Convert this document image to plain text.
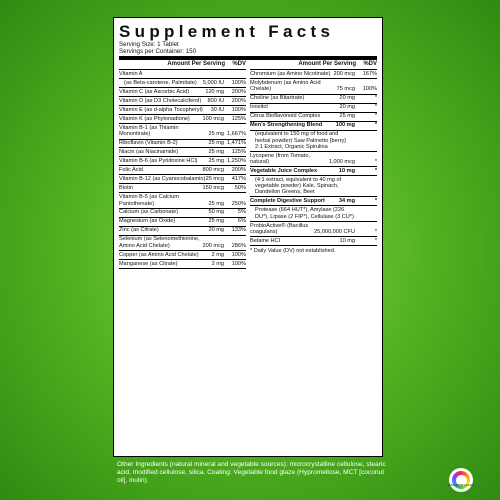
Supplement Facts
Serving Size: 1 Tablet
Servings per Container: 150
Amount Per Serving	%DV
Vitamin A
(as Beta-carotene, Palmitate)	5,000 IU	100%
Vitamin C (as Ascorbic Acid)	120 mg	200%
Vitamin D (as D3 Cholecalciferol)	800 IU	200%
Vitamin E (as d-alpha Tocopheryl)	30 IU	100%
Vitamin K (as Phytonadione)	100 mcg	125%
Vitamin B-1 (as Thiamin Mononitrate)	25 mg 1,667%
Riboflavin (Vitamin B-2)	25 mg 1,471%
Niacin (as Niacinamide)	25 mg	125%
Vitamin B-6 (as Pyridoxine HCl)	25 mg 1,250%
Folic Acid	800 mcg	200%
Vitamin B-12 (as Cyanocobalamin) 25 mcg	417%
Biotin	150 mcg	50%
Vitamin B-5 (as Calcium Pantothenate)	25 mg	250%
Calcium (as Carbonate)	50 mg	5%
Magnesium (as Oxide)	25 mg	6%
Zinc (as Citrate)	20 mg	133%
Selenium (as Selenomethionine, Amino Acid Chelate)	200 mcg	286%
Copper (as Amino Acid Chelate)	2 mg	100%
Manganese (as Citrate)	2 mg	100%
Amount Per Serving	%DV
Chromium (as Amino Nicotinate) 200 mcg	167%
Molybdenum (as Amino Acid Chelate)	75 mcg	100%
Choline (as Bitartrate)	20 mg	*
Inositol	20 mg	*
Citrus Bioflavonoid Complex	25 mg	*
Men's Strengthening Blend	100 mg	*
(equivalent to 150 mg of food and herbal powder) Saw Palmetto [berry] 2:1 Extract, Organic Spirulina
Lycopene (from Tomato, natural)	1,000 mcg	*
Vegetable Juice Complex	10 mg	*
(4:1 extract, equivalent to 40 mg of vegetable powder) Kale, Spinach, Dandelion Greens, Beet
Complete Digestive Support	34 mg	*
Protease (664 HUT*), Amylase (226 DU*), Lipase (2 FIP*), Cellulase (3 CU*)
ProbioActive® (Bacillus coagulans)	25,000,000 CFU	*
Betaine HCl	10 mg	*
* Daily Value (DV) not established.
Other Ingredients (natural mineral and vegetable sources): microcrystalline cellulose, stearic acid, modified cellulose, silica. Coating: Vegetable food glaze (Hypromellose, MCT [coconut oil], inulin).
RAINBOW LIGHT
